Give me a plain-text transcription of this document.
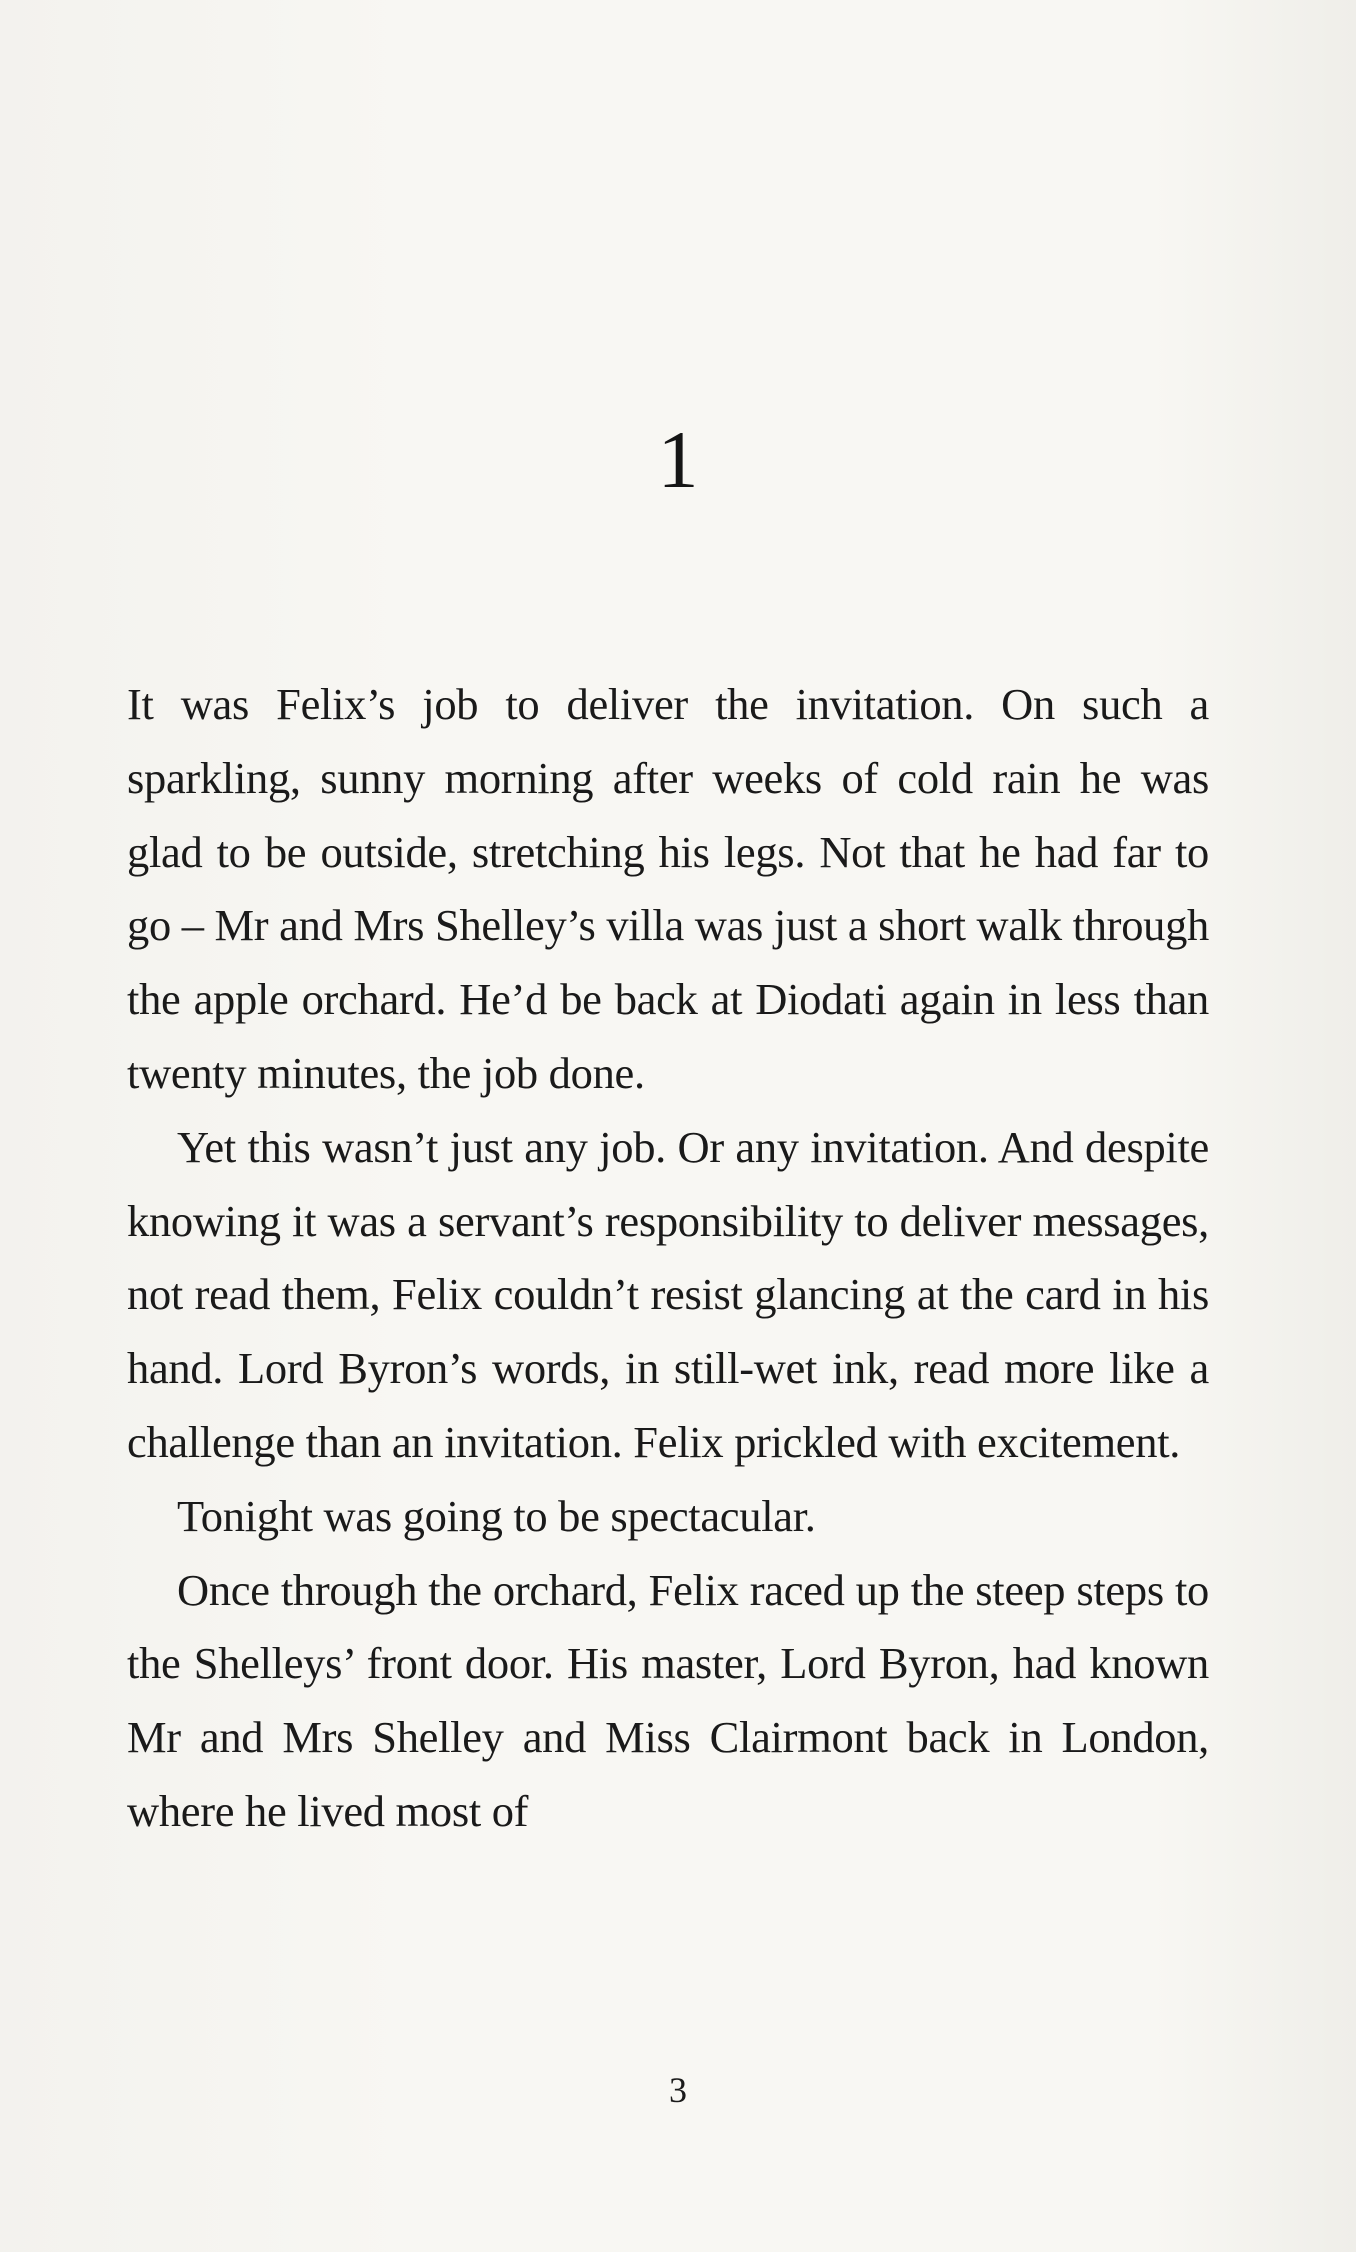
1

It was Felix’s job to deliver the invitation. On such a sparkling, sunny morning after weeks of cold rain he was glad to be outside, stretching his legs. Not that he had far to go – Mr and Mrs Shelley’s villa was just a short walk through the apple orchard. He’d be back at Diodati again in less than twenty minutes, the job done.

Yet this wasn’t just any job. Or any invitation. And despite knowing it was a servant’s responsibility to deliver messages, not read them, Felix couldn’t resist glancing at the card in his hand. Lord Byron’s words, in still-wet ink, read more like a challenge than an invitation. Felix prickled with excitement.

Tonight was going to be spectacular.

Once through the orchard, Felix raced up the steep steps to the Shelleys’ front door. His master, Lord Byron, had known Mr and Mrs Shelley and Miss Clairmont back in London, where he lived most of

3
